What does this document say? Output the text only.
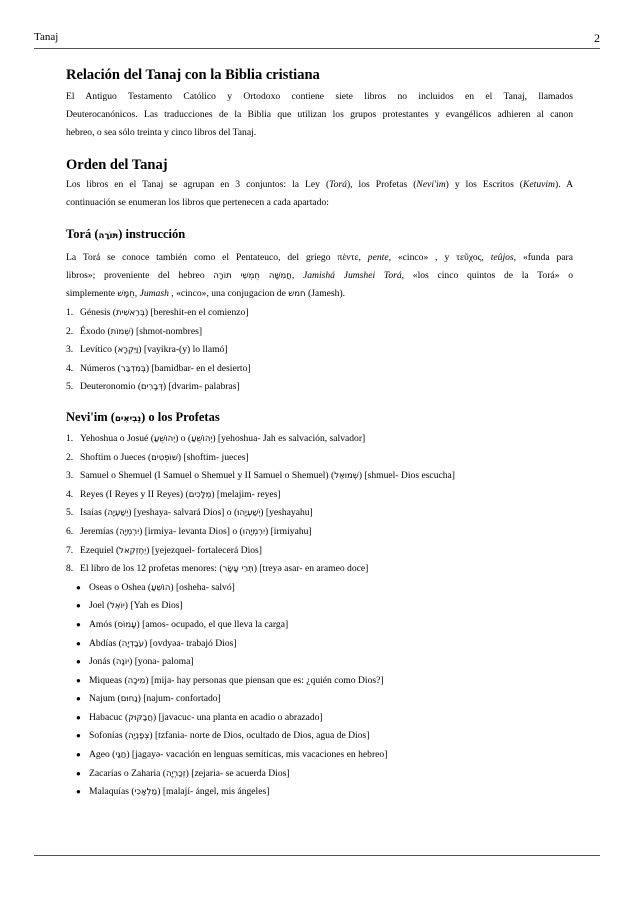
Tanaj	2
Relación del Tanaj con la Biblia cristiana

El Antiguo Testamento Católico y Ortodoxo contiene siete libros no incluidos en el Tanaj, llamados

Deuterocanónicos. Las traducciones de la Biblia que utilizan los grupos protestantes y evangélicos adhieren al canon

hebreo, o sea sólo treinta y cinco libros del Tanaj.

Orden del Tanaj

Los libros en el Tanaj se agrupan en 3 conjuntos: la Ley (Torá), los Profetas (Nevi'im) y los Escritos (Ketuvim). A

continuación se enumeran los libros que pertenecen a cada apartado:

Torá (תּוֹרָה) instrucción

La Torá se conoce también como el Pentateuco, del griego πέντε, pente, «cinco» , y τεῦχος, teûjos, «funda para

libros»; proveniente del hebreo חֲמִשָּׁה חֻמְשֵׁי תוֹרָה, Jamishá Jumshei Torá, «los cinco quintos de la Torá» o

simplemente חֻמָּשׁ, Jumash , «cinco», una conjugacion de חמש (Jamesh).

1. Génesis (בְּרֵאשִׁית) [bereshit-en el comienzo]
2. Éxodo (שְׁמוֹת) [shmot-nombres]
3. Levítico (וַיִּקְרָא) [vayikra-(y) lo llamó]
4. Números (בְּמִדְבַּר) [bamidbar- en el desierto]
5. Deuteronomio (דְּבָרִים) [dvarim- palabras]
Nevi'im (נְבִיאִים) o los Profetas
1. Yehoshua o Josué (יְהוֹשֻׁעַ) o (יְהוֹשֻׁעַ) [yehoshua- Jah es salvación, salvador]
2. Shoftim o Jueces (שׁוֹפְטִים) [shoftim- jueces]
3. Samuel o Shemuel (I Samuel o Shemuel y II Samuel o Shemuel) (שְׁמוּאֵל) [shmuel- Dios escucha]
4. Reyes (I Reyes y II Reyes) (מְלָכִים) [melajim- reyes]
5. Isaías (יְשַׁעְיָה) [yeshaya- salvará Dios] o (יְשַׁעְיָהוּ) [yeshayahu]
6. Jeremías (יִרְמְיָה) [irmiya- levanta Dios] o (יִרְמְיָהוּ) [irmiyahu]
7. Ezequiel (יְחֶזְקֵאל) [yejezquel- fortalecerá Dios]
8. El libro de los 12 profetas menores: (תְּרֵי עָשָׂר) [treyə asar- en arameo doce]
● Oseas o Oshea (הוֹשֵׁעַ) [osheha- salvó]
● Joel (יוֹאֵל) [Yah es Dios]
● Amós (עָמוֹס) [amos- ocupado, el que lleva la carga]
● Abdías (עֹבַדְיָה) [ovdyəa- trabajó Dios]
● Jonás (יוֹנָה) [yona- paloma]
● Miqueas (מִיכָה) [mija- hay personas que piensan que es: ¿quién como Dios?]
● Najum (נַחוּם) [najum- confortado]
● Habacuc (חֲבַקּוּק) [javacuc- una planta en acadio o abrazado]
● Sofonías (צְפַנְיָה) [tzfania- norte de Dios, ocultado de Dios, agua de Dios]
● Ageo (חַגַּי) [jagayə- vacación en lenguas semíticas, mis vacaciones en hebreo]
● Zacarías o Zaharia (זְכַרְיָה) [zejaria- se acuerda Dios]
● Malaquías (מַלְאָכִי) [malají- ángel, mis ángeles]
